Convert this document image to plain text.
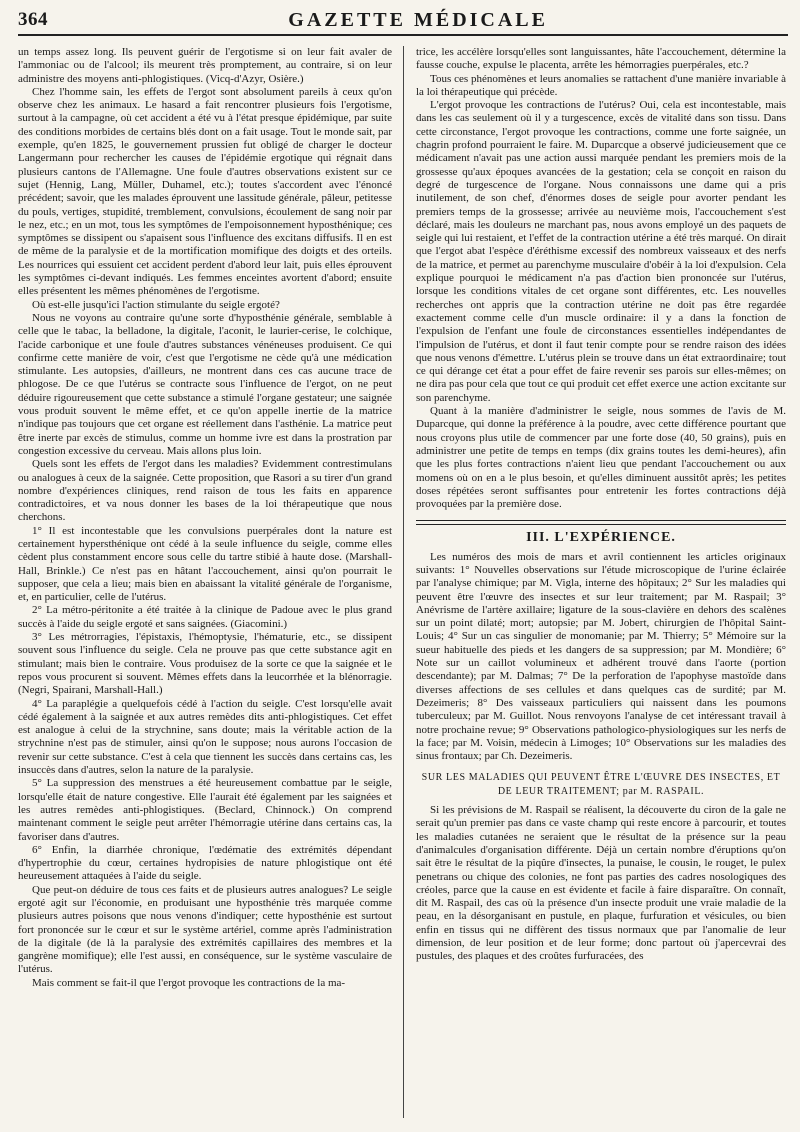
364	GAZETTE MÉDICALE

un temps assez long. Ils peuvent guérir de l'ergotisme si on leur fait avaler de l'ammoniac ou de l'alcool; ils meurent très promptement, au contraire, si on leur administre des moyens anti-phlogistiques. (Vicq-d'Azyr, Osière.)

Chez l'homme sain, les effets de l'ergot sont absolument pareils à ceux qu'on observe chez les animaux. Le hasard a fait rencontrer plusieurs fois l'ergotisme, surtout à la campagne, où cet accident a été vu à l'état presque épidémique, par suite des conditions morbides de certains blés dont on a fait usage. Tout le monde sait, par exemple, qu'en 1825, le gouvernement prussien fut obligé de charger le docteur Langermann pour rechercher les causes de l'épidémie ergotique qui régnait dans plusieurs cantons de l'Allemagne. Une foule d'autres observations existent sur ce sujet (Hennig, Lang, Müller, Duhamel, etc.); toutes s'accordent avec l'énoncé précédent; savoir, que les malades éprouvent une lassitude générale, pâleur, petitesse du pouls, vertiges, stupidité, tremblement, convulsions, écoulement de sang noir par le nez, etc.; en un mot, tous les symptômes de l'empoisonnement hyposthénique; ces symptômes se dissipent ou s'apaisent sous l'influence des excitans diffusifs. Il en est de même de la paralysie et de la mortification momifique des doigts et des orteils. Les nourrices qui essuient cet accident perdent d'abord leur lait, puis elles éprouvent les symptômes ci-devant indiqués. Les femmes enceintes avortent d'abord; ensuite elles présentent les mêmes phénomènes de l'ergotisme.

Où est-elle jusqu'ici l'action stimulante du seigle ergoté?

Nous ne voyons au contraire qu'une sorte d'hyposthénie générale, semblable à celle que le tabac, la belladone, la digitale, l'aconit, le laurier-cerise, le colchique, l'acide carbonique et une foule d'autres substances vénéneuses produisent. Ce qui confirme cette manière de voir, c'est que l'ergotisme ne cède qu'à une médication stimulante. Les autopsies, d'ailleurs, ne montrent dans ces cas aucune trace de phlogose. De ce que l'utérus se contracte sous l'influence de l'ergot, on ne peut déduire rigoureusement que cette substance a stimulé l'organe gestateur; une saignée vous produit souvent le même effet, et ce qu'on appelle inertie de la matrice n'indique pas toujours que cet organe est réellement dans l'asthénie. La matrice peut être inerte par excès de stimulus, comme un homme ivre est dans la prostration par congestion excessive du cerveau. Mais allons plus loin.

Quels sont les effets de l'ergot dans les maladies? Evidemment contrestimulans ou analogues à ceux de la saignée. Cette proposition, que Rasori a su tirer d'un grand nombre d'expériences cliniques, rend raison de tous les faits en apparence contradictoires, et va nous donner les bases de la loi thérapeutique que nous cherchons.

1° Il est incontestable que les convulsions puerpérales dont la nature est certainement hypersthénique ont cédé à la seule influence du seigle, comme elles cèdent plus constamment encore sous celle du tartre stibié à haute dose. (Marshall-Hall, Brinkle.) Ce n'est pas en hâtant l'accouchement, ainsi qu'on pourrait le supposer, que cela a lieu; mais bien en abaissant la vitalité générale de l'organisme, et, en particulier, celle de l'utérus.

2° La métro-péritonite a été traitée à la clinique de Padoue avec le plus grand succès à l'aide du seigle ergoté et sans saignées. (Giacomini.)

3° Les métrorragies, l'épistaxis, l'hémoptysie, l'hématurie, etc., se dissipent souvent sous l'influence du seigle. Cela ne prouve pas que cette substance agit en stimulant; mais bien le contraire. Vous produisez de la sorte ce que la saignée et le repos vous procurent si souvent. Mêmes effets dans la leucorrhée et la blénorragie. (Negri, Spairani, Marshall-Hall.)

4° La paraplégie a quelquefois cédé à l'action du seigle. C'est lorsqu'elle avait cédé également à la saignée et aux autres remèdes dits anti-phlogistiques. Cet effet est analogue à celui de la strychnine, sans doute; mais la véritable action de la strychnine n'est pas de stimuler, ainsi qu'on le suppose; nous aurons l'occasion de revenir sur cette substance. C'est à cela que tiennent les succès dans certains cas, les insuccès dans d'autres, selon la nature de la paralysie.

5° La suppression des menstrues a été heureusement combattue par le seigle, lorsqu'elle était de nature congestive. Elle l'aurait été également par les saignées et les autres remèdes anti-phlogistiques. (Beclard, Chinnock.) On comprend maintenant comment le seigle peut arrêter l'hémorragie utérine dans certains cas, la favoriser dans d'autres.

6° Enfin, la diarrhée chronique, l'œdématie des extrémités dépendant d'hypertrophie du cœur, certaines hydropisies de nature phlogistique ont été heureusement attaquées à l'aide du seigle.

Que peut-on déduire de tous ces faits et de plusieurs autres analogues? Le seigle ergoté agit sur l'économie, en produisant une hyposthénie très marquée comme plusieurs autres poisons que nous venons d'indiquer; cette hyposthénie est surtout fort prononcée sur le cœur et sur le système artériel, comme après l'administration de la digitale (de là la paralysie des extrémités capillaires des membres et la gangrène momifique); elle l'est aussi, en conséquence, sur le système vasculaire de l'utérus.

Mais comment se fait-il que l'ergot provoque les contractions de la ma-

trice, les accélère lorsqu'elles sont languissantes, hâte l'accouchement, détermine la fausse couche, expulse le placenta, arrête les hémorragies puerpérales, etc.?

Tous ces phénomènes et leurs anomalies se rattachent d'une manière invariable à la loi thérapeutique qui précède.

L'ergot provoque les contractions de l'utérus? Oui, cela est incontestable, mais dans les cas seulement où il y a turgescence, excès de vitalité dans son tissu. Dans cette circonstance, l'ergot provoque les contractions, comme une forte saignée, un chagrin profond pourraient le faire. M. Duparcque a observé judicieusement que ce médicament n'avait pas une action aussi marquée pendant les premiers mois de la grossesse qu'aux époques avancées de la gestation; cela se conçoit en raison du degré de turgescence de l'organe. Nous connaissons une dame qui a pris inutilement, de son chef, d'énormes doses de seigle pour avorter pendant les premiers temps de la grossesse; arrivée au neuvième mois, l'accouchement s'est déclaré, mais les douleurs ne marchant pas, nous avons employé un des paquets de seigle qui lui restaient, et l'effet de la contraction utérine a été très marqué. On dirait que l'ergot abat l'espèce d'éréthisme excessif des nombreux vaisseaux et des nerfs de la matrice, et permet au parenchyme musculaire d'obéir à la loi d'expulsion. Cela explique pourquoi le médicament n'a pas d'action bien prononcée sur l'utérus, lorsque les conditions vitales de cet organe sont différentes, etc. Les nouvelles recherches ont appris que la contraction utérine ne doit pas être regardée exactement comme celle d'un muscle ordinaire: il y a dans la fonction de l'expulsion de l'enfant une foule de circonstances essentielles indépendantes de l'impulsion de l'utérus, et dont il faut tenir compte pour se rendre raison des idées que nous venons d'émettre. L'utérus plein se trouve dans un état extraordinaire; tout ce qui dérange cet état a pour effet de faire revenir ses parois sur elles-mêmes; on ne dira pas pour cela que tout ce qui produit cet effet exerce une action excitante sur son parenchyme.

Quant à la manière d'administrer le seigle, nous sommes de l'avis de M. Duparcque, qui donne la préférence à la poudre, avec cette différence pourtant que nous croyons plus utile de commencer par une forte dose (40, 50 grains), puis en administrer une petite de temps en temps (dix grains toutes les demi-heures), afin que les plus fortes contractions n'aient lieu que pendant l'accouchement ou aux momens où on en a le plus besoin, et qu'elles diminuent aussitôt après; les petites doses répétées seront suffisantes pour entretenir les fortes contractions déjà provoquées par la première dose.

III. L'EXPÉRIENCE.

Les numéros des mois de mars et avril contiennent les articles originaux suivants: 1° Nouvelles observations sur l'étude microscopique de l'urine éclairée par l'analyse chimique; par M. Vigla, interne des hôpitaux; 2° Sur les maladies qui peuvent être l'œuvre des insectes et sur leur traitement; par M. Raspail; 3° Anévrisme de l'artère axillaire; ligature de la sous-clavière en dehors des scalènes sur un point dilaté; mort; autopsie; par M. Jobert, chirurgien de l'hôpital Saint-Louis; 4° Sur un cas singulier de monomanie; par M. Thierry; 5° Mémoire sur la sueur habituelle des pieds et les dangers de sa suppression; par M. Mondière; 6° Note sur un caillot volumineux et adhérent trouvé dans l'aorte (portion descendante); par M. Dalmas; 7° De la perforation de l'apophyse mastoïde dans diverses affections de ses cellules et dans quelques cas de surdité; par M. Dezeimeris; 8° Des vaisseaux particuliers qui naissent dans les poumons tuberculeux; par M. Guillot. Nous renvoyons l'analyse de cet intéressant travail à notre prochaine revue; 9° Observations pathologico-physiologiques sur les nerfs de la face; par M. Voisin, médecin à Limoges; 10° Observations sur les maladies des sinus frontaux; par Ch. Dezeimeris.

SUR LES MALADIES QUI PEUVENT ÊTRE L'ŒUVRE DES INSECTES, ET DE LEUR TRAITEMENT; par M. RASPAIL.

Si les prévisions de M. Raspail se réalisent, la découverte du ciron de la gale ne serait qu'un premier pas dans ce vaste champ qui reste encore à parcourir, et toutes les maladies cutanées ne seraient que le résultat de la présence sur la peau d'animalcules d'organisation différente. Déjà un certain nombre d'éruptions qu'on sait être le résultat de la piqûre d'insectes, la punaise, le cousin, le rouget, le pulex penetrans ou chique des colonies, ne font pas parties des cadres nosologiques des créoles, parce que la cause en est évidente et facile à faire disparaître. On connaît, dit M. Raspail, des cas où la présence d'un insecte produit une vraie maladie de la peau, en la désorganisant en pustule, en plaque, furfuration et vésicules, ou bien enfin en tissus qui ne diffèrent des tissus normaux que par l'anomalie de leur dimension, de leur position et de leur forme; donc partout où j'apercevrai des pustules, des plaques et des croûtes furfuracées, des
